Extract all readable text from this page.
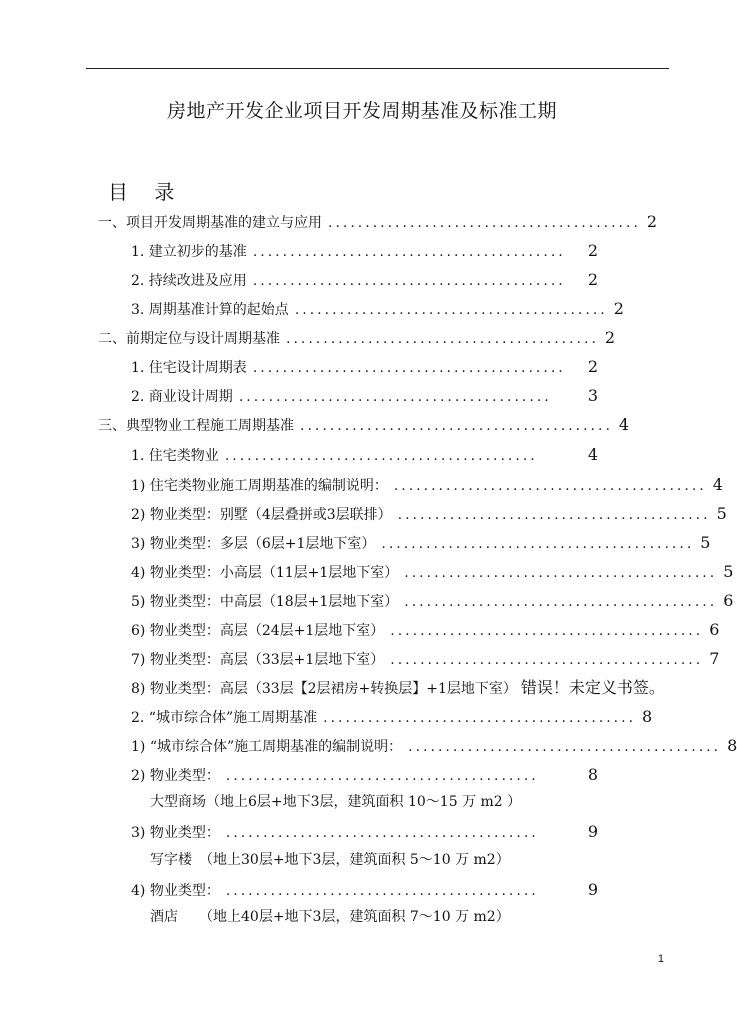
房地产开发企业项目开发周期基准及标准工期
目 录
一、项目开发周期基准的建立与应用 .......................................... 2
1. 建立初步的基准 ..........................................	2
2. 持续改进及应用 ..........................................	2
3. 周期基准计算的起始点 .......................................... 2
二、前期定位与设计周期基准 .......................................... 2
1. 住宅设计周期表 ..........................................	2
2. 商业设计周期 ..........................................	3
三、典型物业工程施工周期基准 .......................................... 4
1. 住宅类物业 ..........................................	4
1) 住宅类物业施工周期基准的编制说明： .......................................... 4
2) 物业类型：别墅（4层叠拼或3层联排） .......................................... 5
3) 物业类型：多层（6层+1层地下室） .......................................... 5
4) 物业类型：小高层（11层+1层地下室） .......................................... 5
5) 物业类型：中高层（18层+1层地下室） .......................................... 6
6) 物业类型：高层（24层+1层地下室） .......................................... 6
7) 物业类型：高层（33层+1层地下室） .......................................... 7
8) 物业类型：高层（33层【2层裙房+转换层】+1层地下室） 错误！未定义书签。
2. “城市综合体”施工周期基准 .......................................... 8
1) “城市综合体”施工周期基准的编制说明： .......................................... 8
2) 物业类型： ..........................................	8
大型商场（地上6层+地下3层，建筑面积 10～15 万 m2 ）
3) 物业类型： ..........................................	9
写字楼　（地上30层+地下3层，建筑面积 5～10 万 m2）
4) 物业类型： ..........................................	9
酒店　　（地上40层+地下3层，建筑面积 7～10 万 m2）
1
